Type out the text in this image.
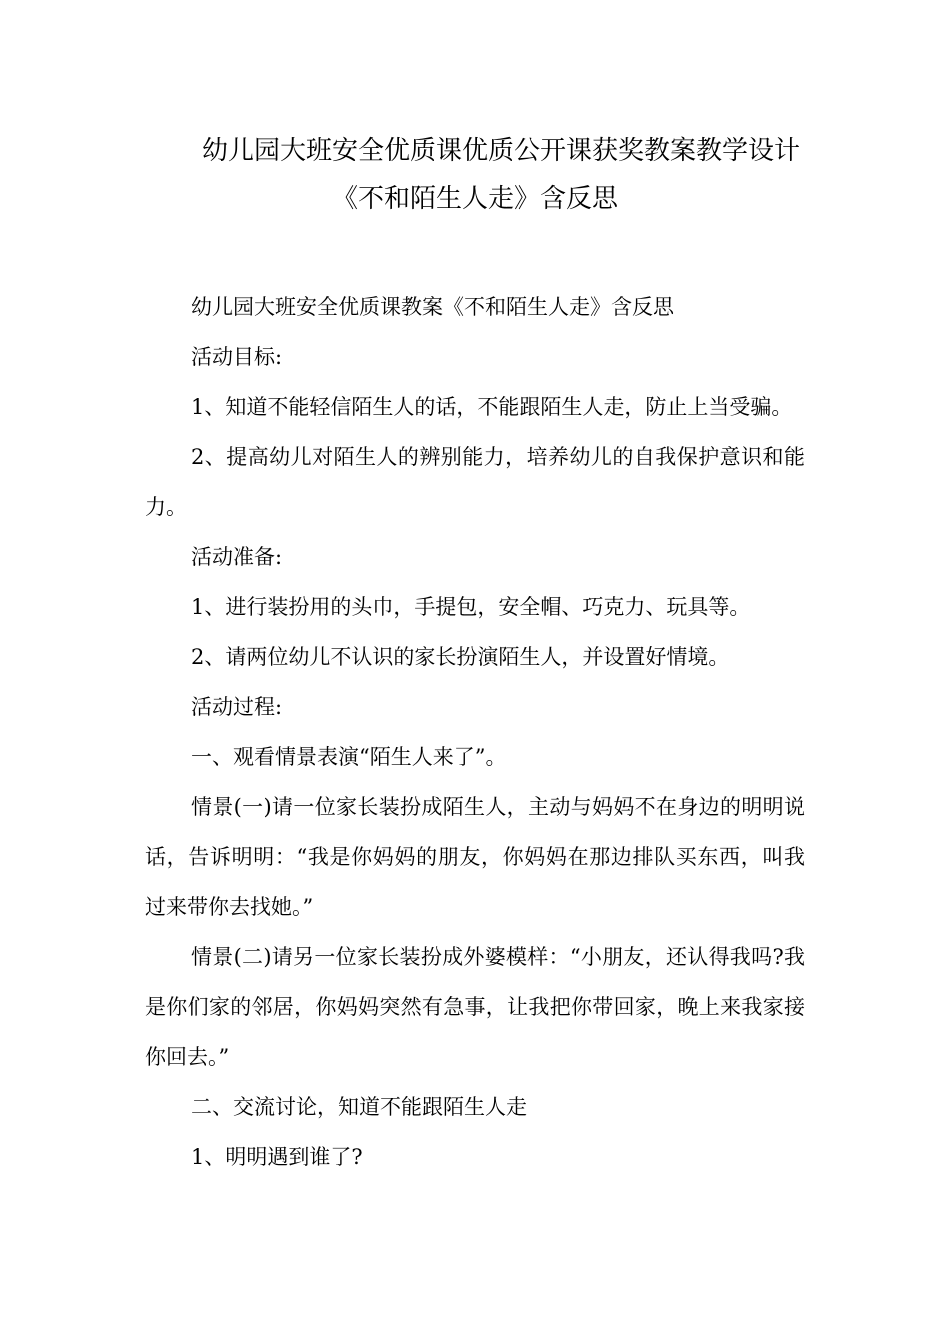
幼儿园大班安全优质课优质公开课获奖教案教学设计
《不和陌生人走》含反思

幼儿园大班安全优质课教案《不和陌生人走》含反思

活动目标:

1、知道不能轻信陌生人的话，不能跟陌生人走，防止上当受骗。

2、提高幼儿对陌生人的辨别能力，培养幼儿的自我保护意识和能力。

活动准备:

1、进行装扮用的头巾，手提包，安全帽、巧克力、玩具等。

2、请两位幼儿不认识的家长扮演陌生人，并设置好情境。

活动过程:

一、观看情景表演“陌生人来了”。

情景(一)请一位家长装扮成陌生人，主动与妈妈不在身边的明明说话，告诉明明：“我是你妈妈的朋友，你妈妈在那边排队买东西，叫我过来带你去找她。”

情景(二)请另一位家长装扮成外婆模样：“小朋友，还认得我吗?我是你们家的邻居，你妈妈突然有急事，让我把你带回家，晚上来我家接你回去。”

二、交流讨论，知道不能跟陌生人走

1、明明遇到谁了?
